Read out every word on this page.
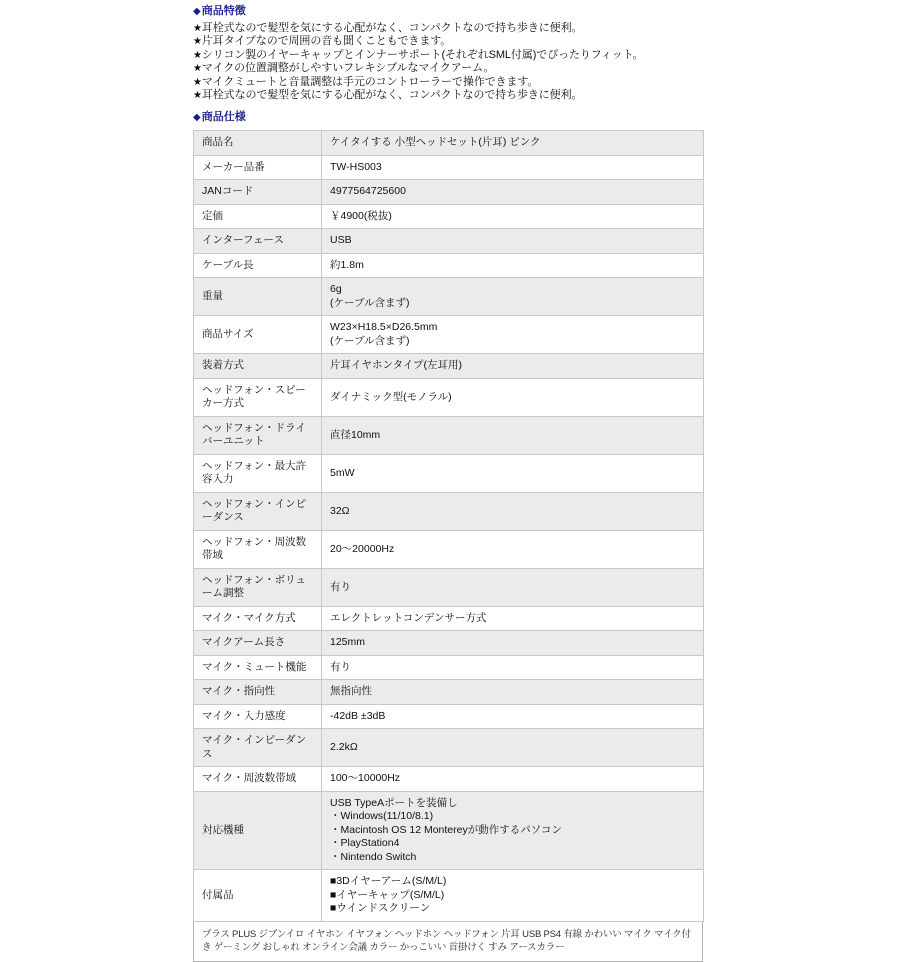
◆商品特徴
★耳栓式なので髪型を気にする心配がなく、コンパクトなので持ち歩きに便利。
★片耳タイプなので周囲の音も聞くこともできます。
★シリコン製のイヤーキャップとインナーサポート(それぞれSML付属)でぴったりフィット。
★マイクの位置調整がしやすいフレキシブルなマイクアーム。
★マイクミュートと音量調整は手元のコントローラーで操作できます。
★耳栓式なので髪型を気にする心配がなく、コンパクトなので持ち歩きに便利。
◆商品仕様
商品名	ケイタイする 小型ヘッドセット(片耳) ピンク

メーカー品番	TW-HS003

JANコード	4977564725600

定価	￥4900(税抜)

インターフェース	USB

ケーブル長	約1.8m

重量	6g
(ケーブル含まず)

商品サイズ	W23×H18.5×D26.5mm
(ケーブル含まず)

装着方式	片耳イヤホンタイプ(左耳用)

ヘッドフォン・スピーカー方式	ダイナミック型(モノラル)

ヘッドフォン・ドライバーユニット	直径10mm

ヘッドフォン・最大許容入力	5mW

ヘッドフォン・インピーダンス	32Ω

ヘッドフォン・周波数帯域	20〜20000Hz

ヘッドフォン・ボリューム調整	有り

マイク・マイク方式	エレクトレットコンデンサー方式

マイクアーム長さ	125mm

マイク・ミュート機能	有り

マイク・指向性	無指向性

マイク・入力感度	-42dB ±3dB

マイク・インピーダンス	2.2kΩ

マイク・周波数帯域	100〜10000Hz

対応機種	USB TypeAポートを装備し
・Windows(11/10/8.1)
・Macintosh OS 12 Montereyが動作するパソコン
・PlayStation4
・Nintendo Switch

付属品	■3Dイヤーアーム(S/M/L)
■イヤーキャップ(S/M/L)
■ウインドスクリーン
プラス PLUS ジブンイロ イヤホン イヤフォン ヘッドホン ヘッドフォン 片耳 USB PS4 有線 かわいい マイク マイク付き ゲーミング おしゃれ オンライン会議 カラー かっこいい 首掛けく すみ アースカラー
